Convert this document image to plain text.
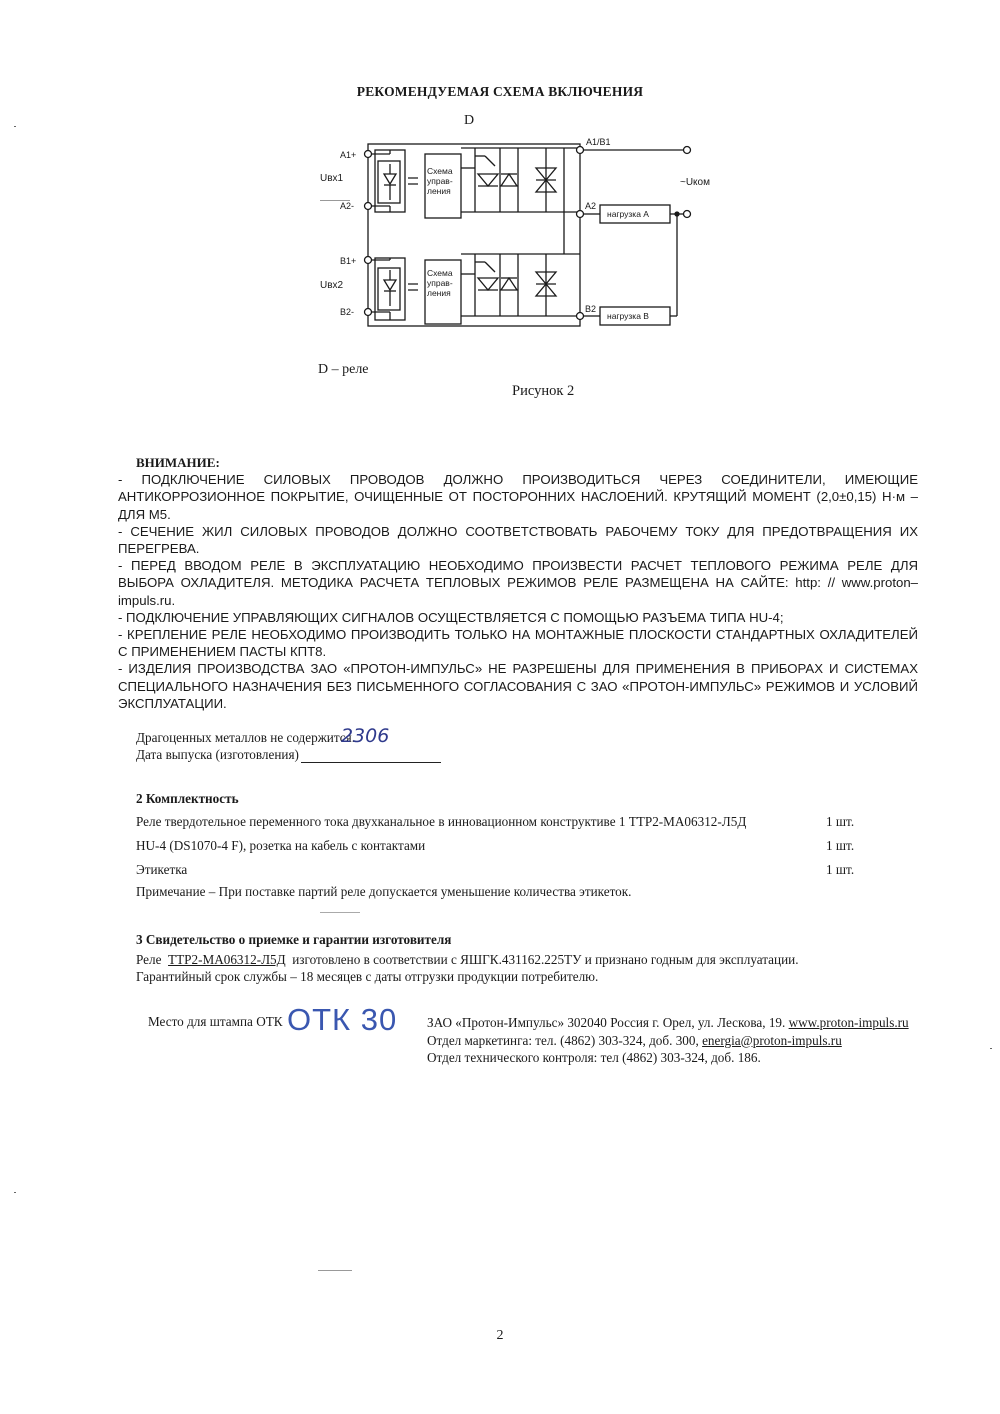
РЕКОМЕНДУЕМАЯ СХЕМА ВКЛЮЧЕНИЯ
D
A1+
A2-
B1+
B2-
Uвх1
Uвх2
Схема
управ-
ления
Схема
управ-
ления
A1/B1
A2
B2
нагрузка A
нагрузка B
~Uком
D – реле
Рисунок 2
ВНИМАНИЕ:

- ПОДКЛЮЧЕНИЕ СИЛОВЫХ ПРОВОДОВ ДОЛЖНО ПРОИЗВОДИТЬСЯ ЧЕРЕЗ СОЕДИНИТЕЛИ, ИМЕЮЩИЕ АНТИКОРРОЗИОННОЕ ПОКРЫТИЕ, ОЧИЩЕННЫЕ ОТ ПОСТОРОННИХ НАСЛОЕНИЙ. КРУТЯЩИЙ МОМЕНТ (2,0±0,15) Н·м – ДЛЯ М5.

- СЕЧЕНИЕ ЖИЛ СИЛОВЫХ ПРОВОДОВ ДОЛЖНО СООТВЕТСТВОВАТЬ РАБОЧЕМУ ТОКУ ДЛЯ ПРЕДОТВРАЩЕНИЯ ИХ ПЕРЕГРЕВА.

- ПЕРЕД ВВОДОМ РЕЛЕ В ЭКСПЛУАТАЦИЮ НЕОБХОДИМО ПРОИЗВЕСТИ РАСЧЕТ ТЕПЛОВОГО РЕЖИМА РЕЛЕ ДЛЯ ВЫБОРА ОХЛАДИТЕЛЯ. МЕТОДИКА РАСЧЕТА ТЕПЛОВЫХ РЕЖИМОВ РЕЛЕ РАЗМЕЩЕНА НА САЙТЕ: http: // www.proton–impuls.ru.

- ПОДКЛЮЧЕНИЕ УПРАВЛЯЮЩИХ СИГНАЛОВ ОСУЩЕСТВЛЯЕТСЯ С ПОМОЩЬЮ РАЗЪЕМА ТИПА HU-4;

- КРЕПЛЕНИЕ РЕЛЕ НЕОБХОДИМО ПРОИЗВОДИТЬ ТОЛЬКО НА МОНТАЖНЫЕ ПЛОСКОСТИ СТАНДАРТНЫХ ОХЛАДИТЕЛЕЙ С ПРИМЕНЕНИЕМ ПАСТЫ КПТ8.

- ИЗДЕЛИЯ ПРОИЗВОДСТВА ЗАО «ПРОТОН-ИМПУЛЬС» НЕ РАЗРЕШЕНЫ ДЛЯ ПРИМЕНЕНИЯ В ПРИБОРАХ И СИСТЕМАХ СПЕЦИАЛЬНОГО НАЗНАЧЕНИЯ БЕЗ ПИСЬМЕННОГО СОГЛАСОВАНИЯ С ЗАО «ПРОТОН-ИМПУЛЬС» РЕЖИМОВ И УСЛОВИЙ ЭКСПЛУАТАЦИИ.

Драгоценных металлов не содержится.
Дата выпуска (изготовления)
2306
2 Комплектность
Реле твердотельное переменного тока двухканальное в инновационном конструктиве 1 ТТР2-МА06312-Л5Д	1 шт.
HU-4 (DS1070-4 F), розетка на кабель с контактами	1 шт.
Этикетка	1 шт.
Примечание – При поставке партий реле допускается уменьшение количества этикеток.
3 Свидетельство о приемке и гарантии изготовителя
Реле ТТР2-МА06312-Л5Д изготовлено в соответствии с ЯШГК.431162.225ТУ и признано годным для эксплуатации.
Гарантийный срок службы – 18 месяцев с даты отгрузки продукции потребителю.
Место для штампа ОТК ОТК 30 ЗАО «Протон-Импульс» 302040 Россия г. Орел, ул. Лескова, 19. www.proton-impuls.ru
Отдел маркетинга: тел. (4862) 303-324, доб. 300, energia@proton-impuls.ru
Отдел технического контроля: тел (4862) 303-324, доб. 186.
2
